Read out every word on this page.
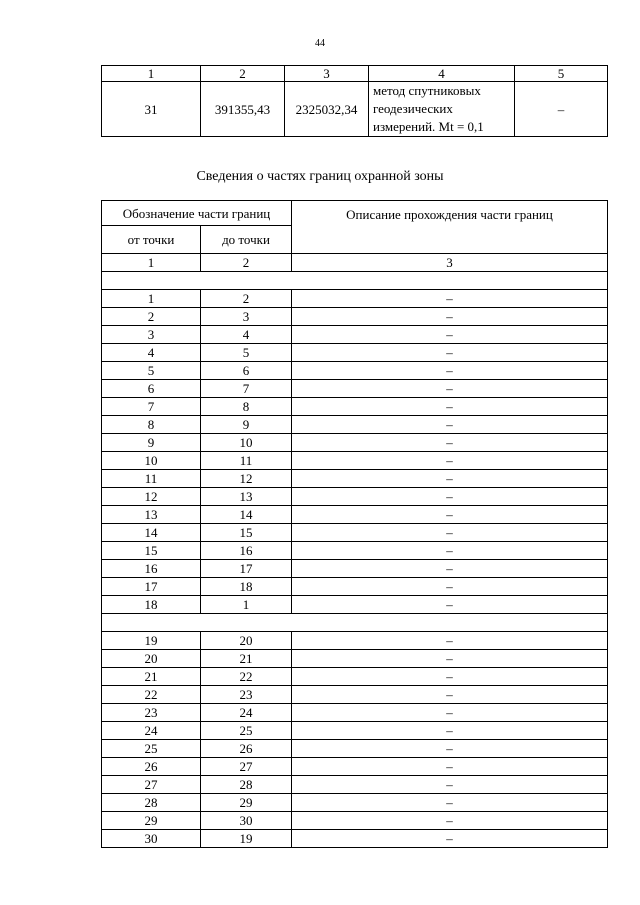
44
1	2	3	4	5
31	391355,43	2325032,34	метод спутниковых
геодезических
измерений. Mt = 0,1	–
Сведения о частях границ охранной зоны
Обозначение части границ		Описание прохождения части границ
от точки	до точки	
1	2	3

1	2	–
2	3	–
3	4	–
4	5	–
5	6	–
6	7	–
7	8	–
8	9	–
9	10	–
10	11	–
11	12	–
12	13	–
13	14	–
14	15	–
15	16	–
16	17	–
17	18	–
18	1	–

19	20	–
20	21	–
21	22	–
22	23	–
23	24	–
24	25	–
25	26	–
26	27	–
27	28	–
28	29	–
29	30	–
30	19	–
